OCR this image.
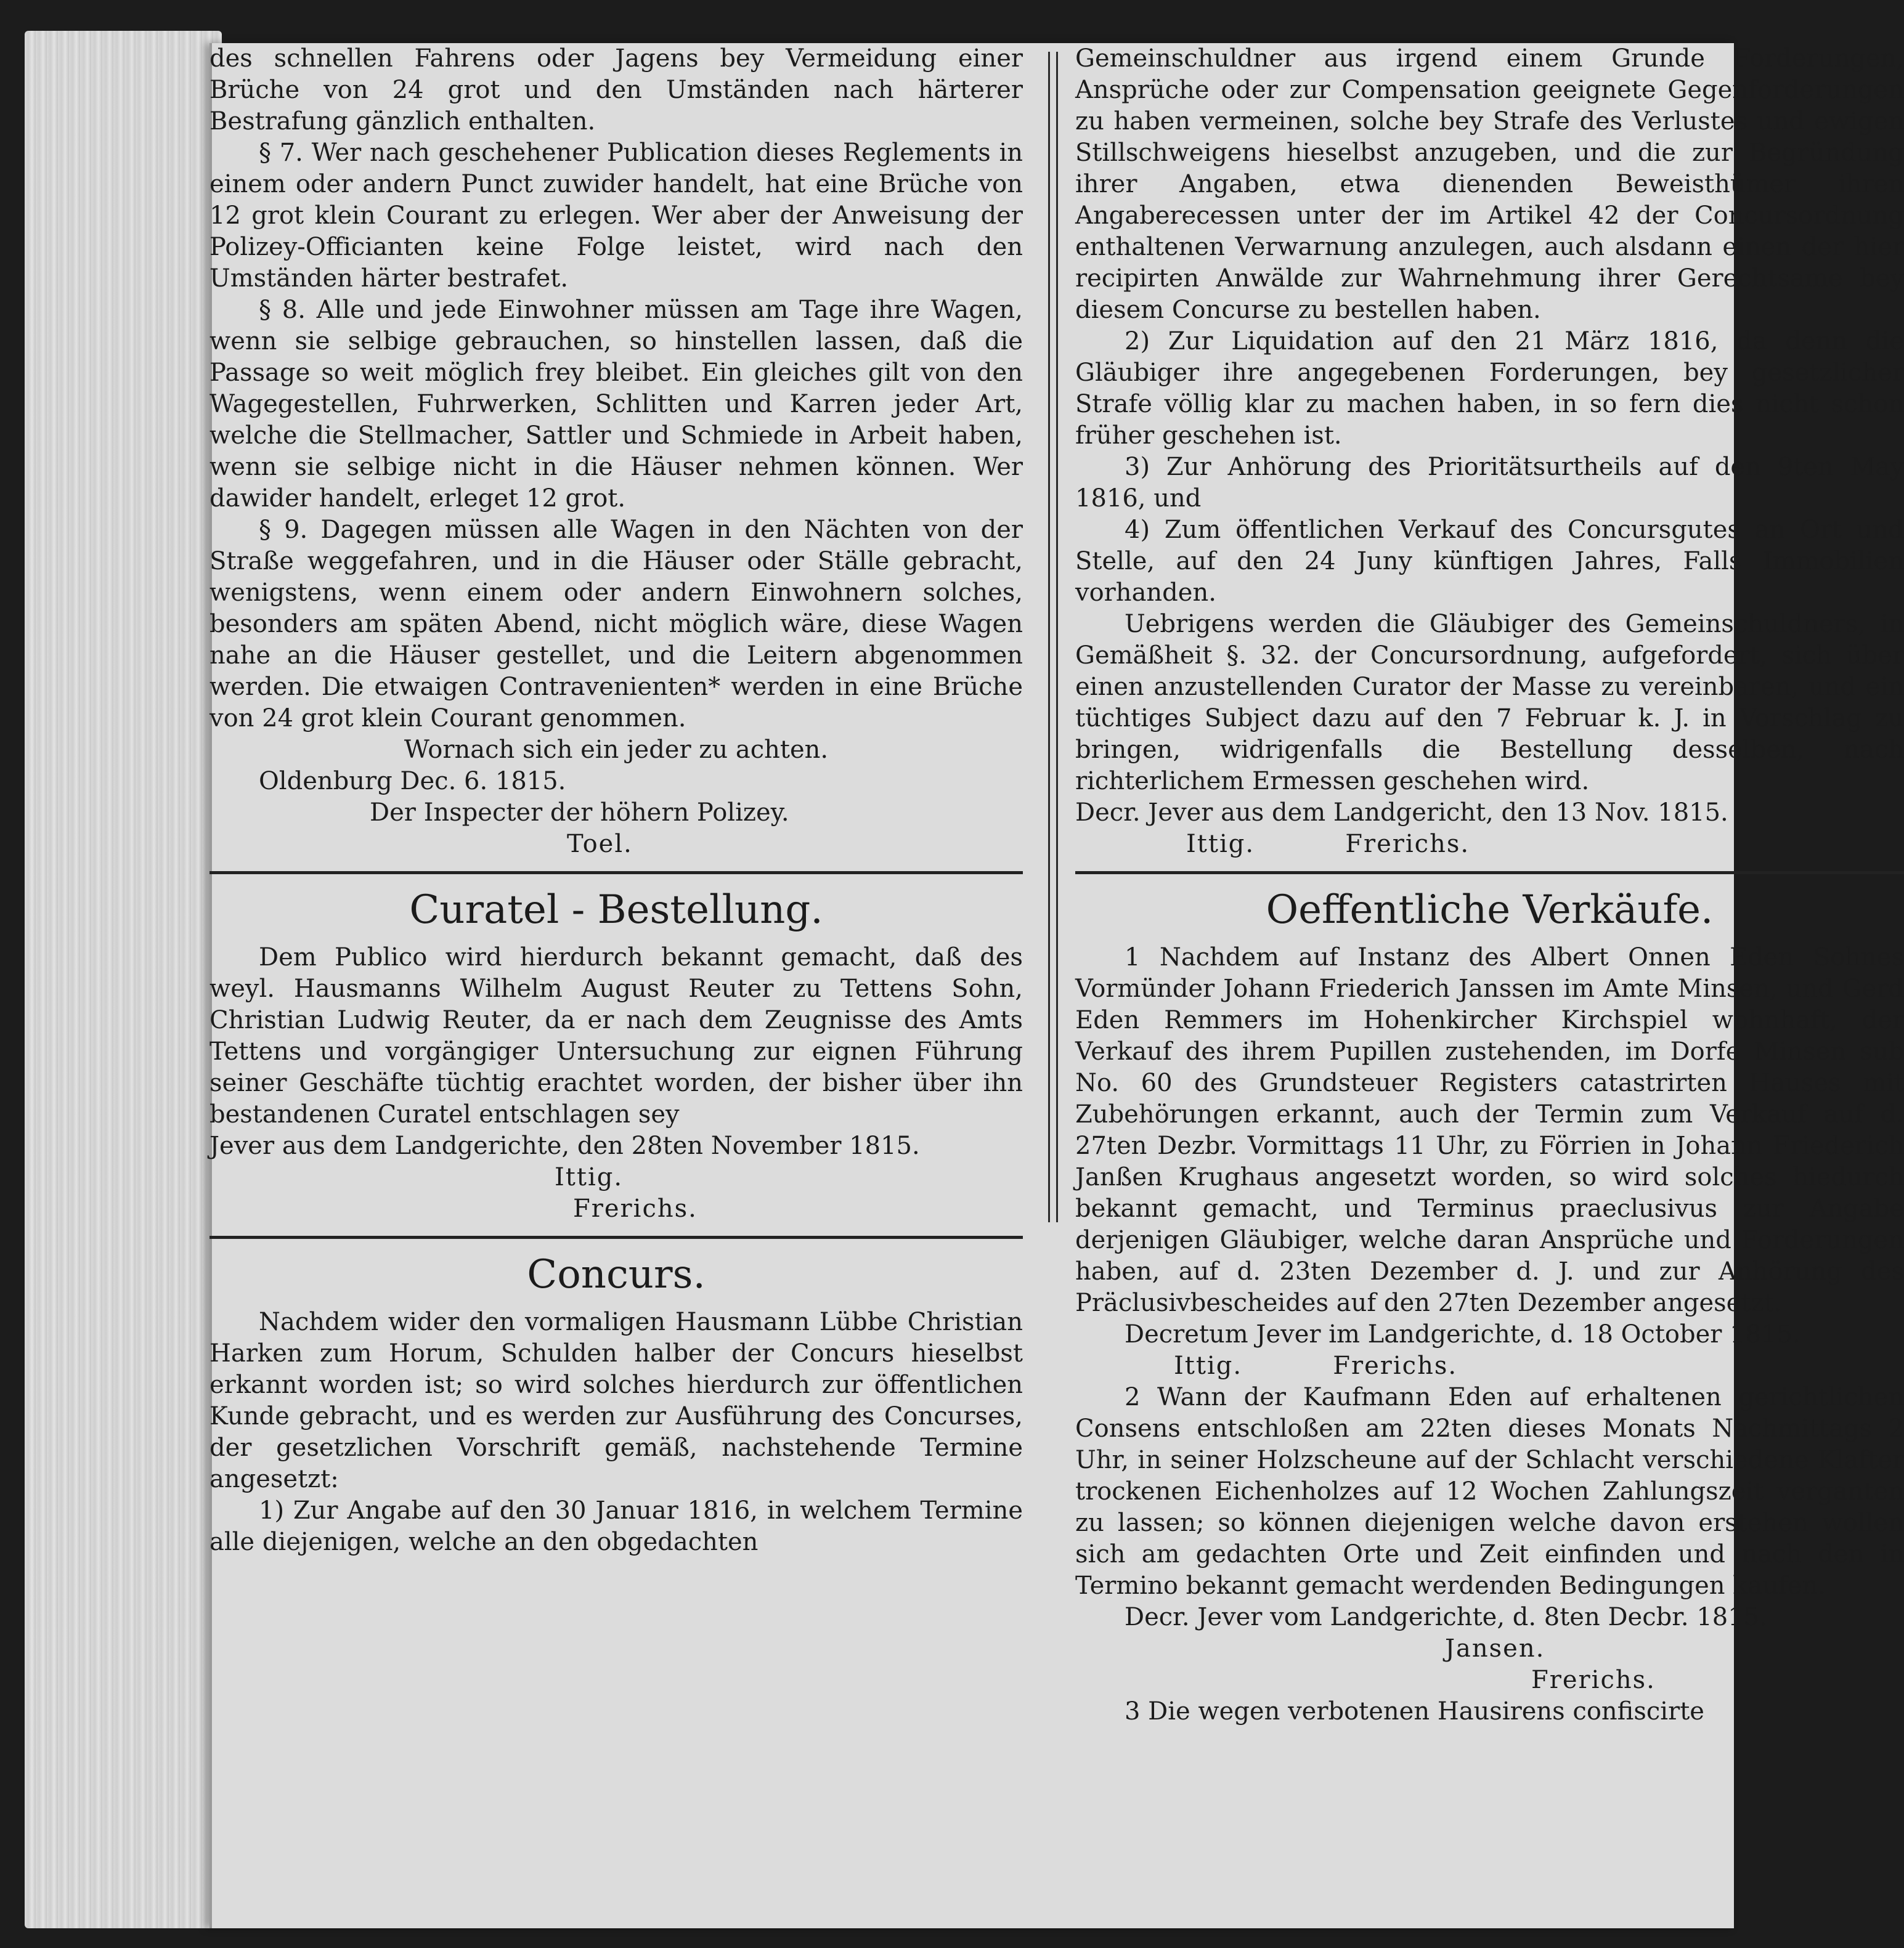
des schnellen Fahrens oder Jagens bey Vermeidung einer Brüche von 24 grot und den Umständen nach härterer Bestrafung gänzlich enthalten.

§ 7. Wer nach geschehener Publication dieses Reglements in einem oder andern Punct zuwider handelt, hat eine Brüche von 12 grot klein Courant zu erlegen. Wer aber der Anweisung der Polizey-Officianten keine Folge leistet, wird nach den Umständen härter bestrafet.

§ 8. Alle und jede Einwohner müssen am Tage ihre Wagen, wenn sie selbige gebrauchen, so hinstellen lassen, daß die Passage so weit möglich frey bleibet. Ein gleiches gilt von den Wagegestellen, Fuhrwerken, Schlitten und Karren jeder Art, welche die Stellmacher, Sattler und Schmiede in Arbeit haben, wenn sie selbige nicht in die Häuser nehmen können. Wer dawider handelt, erleget 12 grot.

§ 9. Dagegen müssen alle Wagen in den Nächten von der Straße weggefahren, und in die Häuser oder Ställe gebracht, wenigstens, wenn einem oder andern Einwohnern solches, besonders am späten Abend, nicht möglich wäre, diese Wagen nahe an die Häuser gestellet, und die Leitern abgenommen werden. Die etwaigen Contravenienten* werden in eine Brüche von 24 grot klein Courant genommen.

Wornach sich ein jeder zu achten.

Oldenburg Dec. 6. 1815.

Der Inspecter der höhern Polizey.

Toel.

Curatel - Bestellung.

Dem Publico wird hierdurch bekannt gemacht, daß des weyl. Hausmanns Wilhelm August Reuter zu Tettens Sohn, Christian Ludwig Reuter, da er nach dem Zeugnisse des Amts Tettens und vorgängiger Untersuchung zur eignen Führung seiner Geschäfte tüchtig erachtet worden, der bisher über ihn bestandenen Curatel entschlagen sey

Jever aus dem Landgerichte, den 28ten November 1815.

Ittig.

Frerichs.

Concurs.

Nachdem wider den vormaligen Hausmann Lübbe Christian Harken zum Horum, Schulden halber der Concurs hieselbst erkannt worden ist; so wird solches hierdurch zur öffentlichen Kunde gebracht, und es werden zur Ausführung des Concurses, der gesetzlichen Vorschrift gemäß, nachstehende Termine angesetzt:

1) Zur Angabe auf den 30 Januar 1816, in welchem Termine alle diejenigen, welche an den obgedachten

Gemeinschuldner aus irgend einem Grunde Forderungen, Ansprüche oder zur Compensation geeignete Gegenforderungen zu haben vermeinen, solche bey Strafe des Verlustes und ewigen Stillschweigens hieselbst anzugeben, und die zur Begründung ihrer Angaben, etwa dienenden Beweisthümer ihren Angaberecessen unter der im Artikel 42 der Concursordnung enthaltenen Verwarnung anzulegen, auch alsdann einen der hier recipirten Anwälde zur Wahrnehmung ihrer Gerechtsame bey diesem Concurse zu bestellen haben.

2) Zur Liquidation auf den 21 März 1816, da denn die Gläubiger ihre angegebenen Forderungen, bey gesetzlicher Strafe völlig klar zu machen haben, in so fern dies nicht schon früher geschehen ist.

3) Zur Anhörung des Prioritätsurtheils auf den 9ten May 1816, und

4) Zum öffentlichen Verkauf des Concursgutes an Ort und Stelle, auf den 24 Juny künftigen Jahres, Falls Immobilien vorhanden.

Uebrigens werden die Gläubiger des Gemeinschuldners, in Gemäßheit §. 32. der Concursordnung, aufgefordert, sich über einen anzustellenden Curator der Masse zu vereinbaren, und ein tüchtiges Subject dazu auf den 7 Februar k. J. in Vorschlag zu bringen, widrigenfalls die Bestellung desselben, nach richterlichem Ermessen geschehen wird.

Decr. Jever aus dem Landgericht, den 13 Nov. 1815.

Ittig.          Frerichs.

Oeffentliche Verkäufe.

1 Nachdem auf Instanz des Albert Onnen Eden Sohnes Vormünder Johann Friederich Janssen im Amte Minsen, und Gerd Eden Remmers im Hohenkircher Kirchspiel wohnhaft, der Verkauf des ihrem Pupillen zustehenden, im Dorfe Minsen sub No. 60 des Grundsteuer Registers catastrirten Hauses mit Zubehörungen erkannt, auch der Termin zum Verkauf auf d. 27ten Dezbr. Vormittags 11 Uhr, zu Förrien in Johann Friederich Janßen Krughaus angesetzt worden, so wird solches hiedurch bekannt gemacht, und Terminus praeclusivus zur Angabe derjenigen Gläubiger, welche daran Ansprüche und Forderungen haben, auf d. 23ten Dezember d. J. und zur Anhörung des Präclusivbescheides auf den 27ten Dezember angesetzt.

Decretum Jever im Landgerichte, d. 18 October 1815.

Ittig.          Frerichs.

2 Wann der Kaufmann Eden auf erhaltenen gerichtlichen Consens entschloßen am 22ten dieses Monats Nachmittags 2 Uhr, in seiner Holzscheune auf der Schlacht verschiedene Klafter trockenen Eichenholzes auf 12 Wochen Zahlungszeit verganten zu lassen; so können diejenigen welche davon erstehen wollen sich am gedachten Orte und Zeit einfinden und nach den in Termino bekannt gemacht werdenden Bedingungen kaufen.

Decr. Jever vom Landgerichte, d. 8ten Decbr. 1815.

Jansen.

Frerichs.

3 Die wegen verbotenen Hausirens confiscirte
